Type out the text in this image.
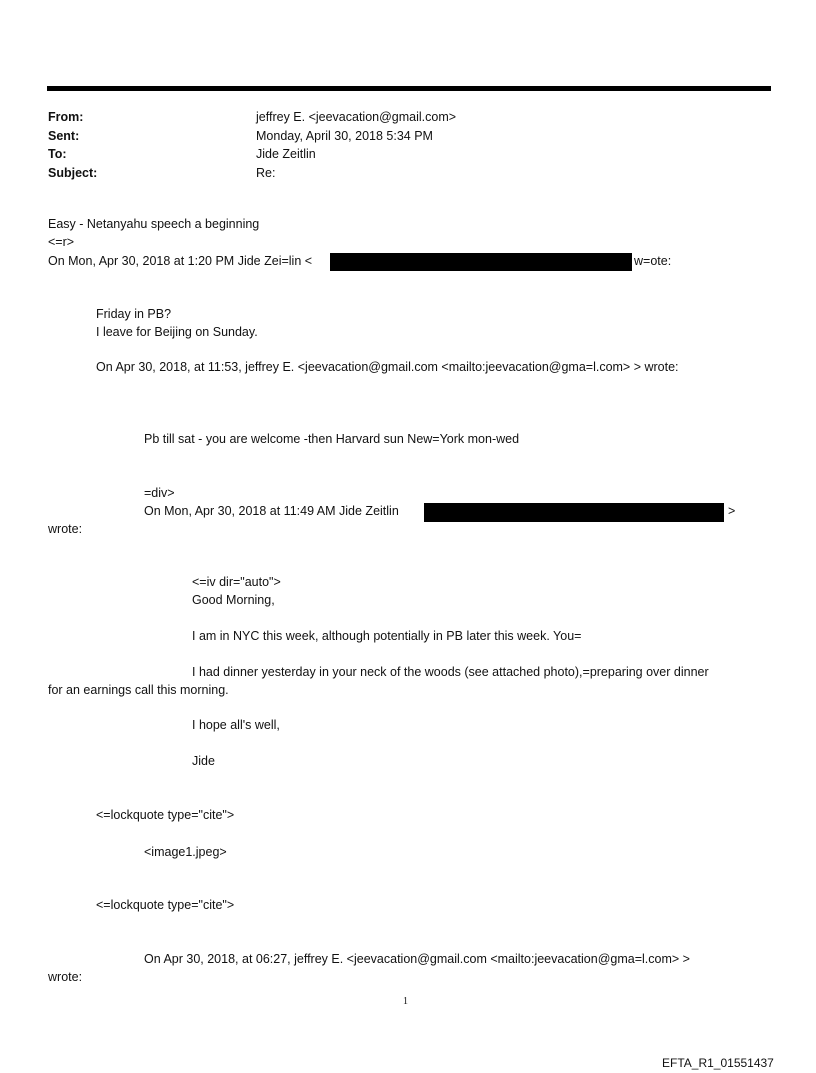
From:	jeffrey E. <jeevacation@gmail.com>
Sent:	Monday, April 30, 2018 5:34 PM
To:	Jide Zeitlin
Subject:	Re:
Easy - Netanyahu speech a beginning
<=r>
On Mon, Apr 30, 2018 at 1:20 PM Jide Zei=lin <	w=ote:
Friday in PB?
I leave for Beijing on Sunday.
On Apr 30, 2018, at 11:53, jeffrey E. <jeevacation@gmail.com <mailto:jeevacation@gma=l.com> > wrote:
Pb till sat - you are welcome -then Harvard sun New=York mon-wed
=div>
On Mon, Apr 30, 2018 at 11:49 AM Jide Zeitlin	>
wrote:
<=iv dir="auto">
Good Morning,
I am in NYC this week, although potentially in PB later this week. You=
I had dinner yesterday in your neck of the woods (see attached photo),=preparing over dinner
for an earnings call this morning.
I hope all's well,
Jide
<=lockquote type="cite">
<image1.jpeg>
<=lockquote type="cite">
On Apr 30, 2018, at 06:27, jeffrey E. <jeevacation@gmail.com <mailto:jeevacation@gma=l.com> >
wrote:
1
EFTA_R1_01551437
